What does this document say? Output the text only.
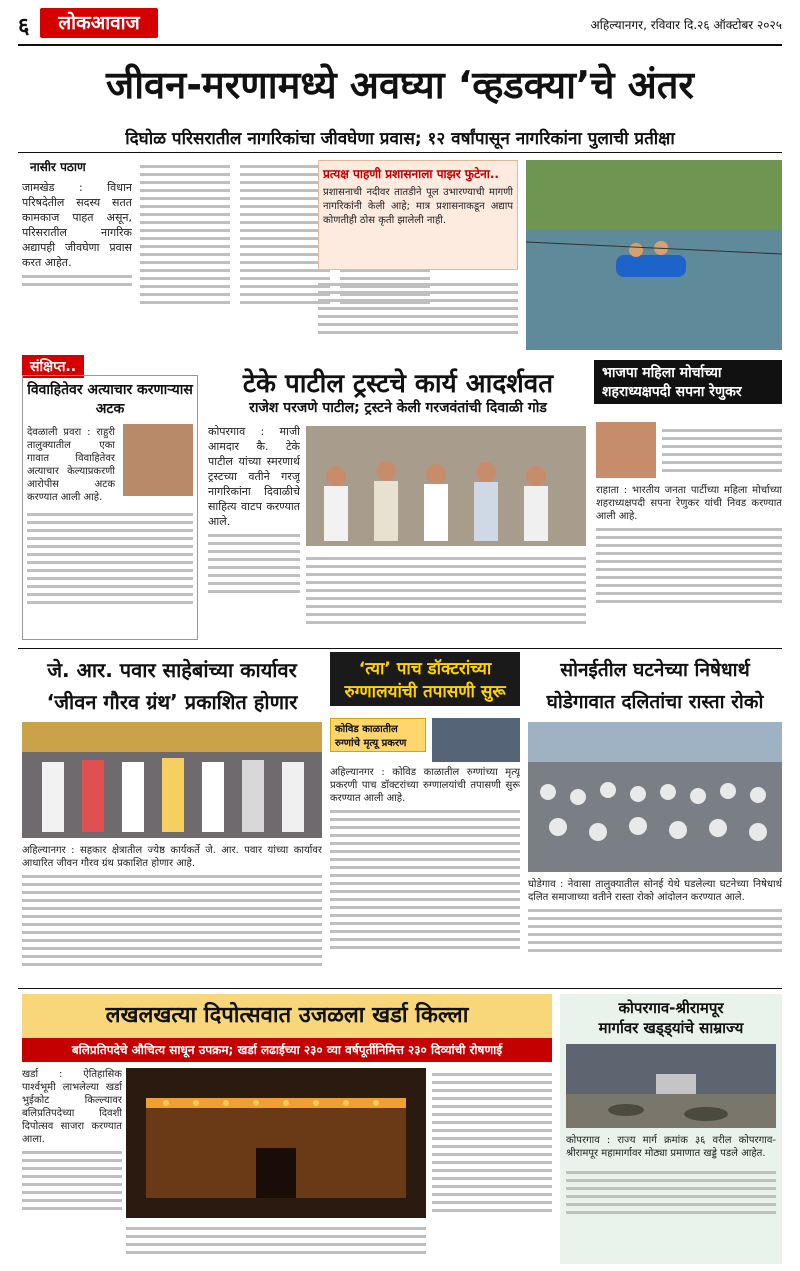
६	लोकआवाज	अहिल्यानगर, रविवार दि.२६ ऑक्टोबर २०२५
जीवन-मरणामध्ये अवघ्या ‘व्हडक्या’चे अंतर
दिघोळ परिसरातील नागरिकांचा जीवघेणा प्रवास; १२ वर्षांपासून नागरिकांना पुलाची प्रतीक्षा
नासीर पठाण
जामखेड : विधान परिषदेतील सदस्य सतत कामकाज पाहत असून, परिसरातील नागरिक अद्यापही जीवघेणा प्रवास करत आहेत.
प्रत्यक्ष पाहणी प्रशासनाला पाझर फुटेना..
प्रशासनाची नदीवर तातडीने पूल उभारण्याची मागणी नागरिकांनी केली आहे; मात्र प्रशासनाकडून अद्याप कोणतीही ठोस कृती झालेली नाही.
संक्षिप्त..
विवाहितेवर अत्याचार करणाऱ्यास अटक
देवळाली प्रवरा : राहुरी तालुक्यातील एका गावात विवाहितेवर अत्याचार केल्याप्रकरणी आरोपीस अटक करण्यात आली आहे.
टेके पाटील ट्रस्टचे कार्य आदर्शवत
राजेश परजणे पाटील; ट्रस्टने केली गरजवंतांची दिवाळी गोड
कोपरगाव : माजी आमदार कै. टेके पाटील यांच्या स्मरणार्थ ट्रस्टच्या वतीने गरजू नागरिकांना दिवाळीचे साहित्य वाटप करण्यात आले.
भाजपा महिला मोर्चाच्या शहराध्यक्षपदी सपना रेणुकर
राहाता : भारतीय जनता पार्टीच्या महिला मोर्चाच्या शहराध्यक्षपदी सपना रेणुकर यांची निवड करण्यात आली आहे.
जे. आर. पवार साहेबांच्या कार्यावर
‘जीवन गौरव ग्रंथ’ प्रकाशित होणार
अहिल्यानगर : सहकार क्षेत्रातील ज्येष्ठ कार्यकर्ते जे. आर. पवार यांच्या कार्यावर आधारित जीवन गौरव ग्रंथ प्रकाशित होणार आहे.
‘त्या’ पाच डॉक्टरांच्या
रुग्णालयांची तपासणी सुरू
कोविड काळातील रुग्णांचे मृत्यू प्रकरण
अहिल्यानगर : कोविड काळातील रुग्णांच्या मृत्यू प्रकरणी पाच डॉक्टरांच्या रुग्णालयांची तपासणी सुरू करण्यात आली आहे.
सोनईतील घटनेच्या निषेधार्थ
घोडेगावात दलितांचा रास्ता रोको
घोडेगाव : नेवासा तालुक्यातील सोनई येथे घडलेल्या घटनेच्या निषेधार्थ दलित समाजाच्या वतीने रास्ता रोको आंदोलन करण्यात आले.
लखलखत्या दिपोत्सवात उजळला खर्डा किल्ला
बलिप्रतिपदेचे औचित्य साधून उपक्रम; खर्डा लढाईच्या २३० व्या वर्षपूर्तीनिमित्त २३० दिव्यांची रोषणाई
खर्डा : ऐतिहासिक पार्श्वभूमी लाभलेल्या खर्डा भुईकोट किल्ल्यावर बलिप्रतिपदेच्या दिवशी दिपोत्सव साजरा करण्यात आला.
कोपरगाव-श्रीरामपूर
मार्गावर खड्ड्यांचे साम्राज्य
कोपरगाव : राज्य मार्ग क्रमांक ३६ वरील कोपरगाव-श्रीरामपूर महामार्गावर मोठ्या प्रमाणात खड्डे पडले आहेत.
